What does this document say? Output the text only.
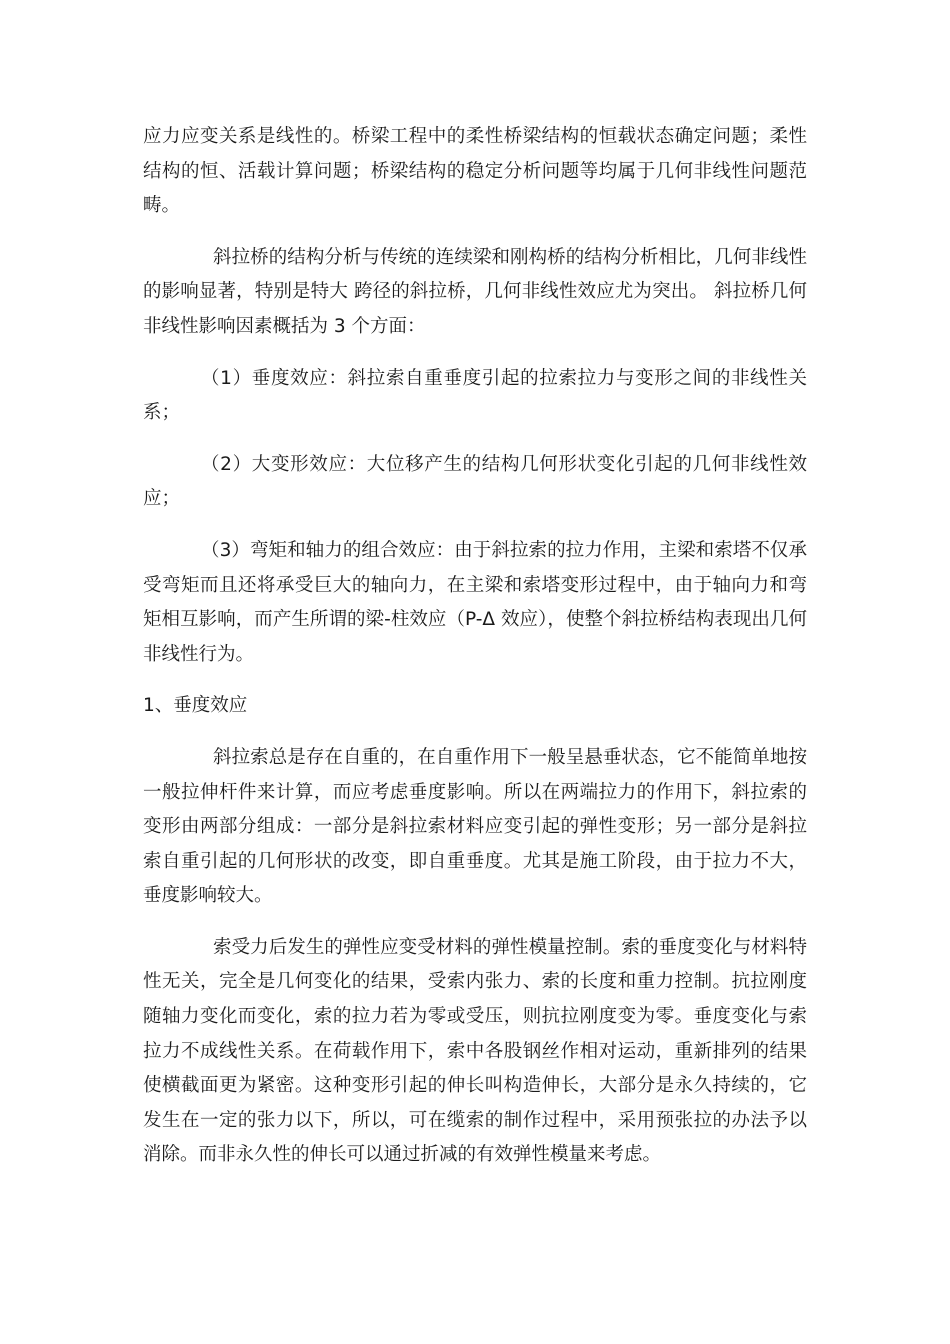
应力应变关系是线性的。桥梁工程中的柔性桥梁结构的恒载状态确定问题；柔性结构的恒、活载计算问题；桥梁结构的稳定分析问题等均属于几何非线性问题范畴。

斜拉桥的结构分析与传统的连续梁和刚构桥的结构分析相比，几何非线性的影响显著，特别是特大 跨径的斜拉桥，几何非线性效应尤为突出。 斜拉桥几何非线性影响因素概括为 3 个方面：

（1）垂度效应：斜拉索自重垂度引起的拉索拉力与变形之间的非线性关系；

（2）大变形效应：大位移产生的结构几何形状变化引起的几何非线性效应；

（3）弯矩和轴力的组合效应：由于斜拉索的拉力作用，主梁和索塔不仅承受弯矩而且还将承受巨大的轴向力，在主梁和索塔变形过程中，由于轴向力和弯矩相互影响，而产生所谓的梁-柱效应（P-Δ 效应），使整个斜拉桥结构表现出几何非线性行为。

1、垂度效应

斜拉索总是存在自重的，在自重作用下一般呈悬垂状态，它不能简单地按一般拉伸杆件来计算，而应考虑垂度影响。所以在两端拉力的作用下，斜拉索的变形由两部分组成：一部分是斜拉索材料应变引起的弹性变形；另一部分是斜拉索自重引起的几何形状的改变，即自重垂度。尤其是施工阶段，由于拉力不大，垂度影响较大。

索受力后发生的弹性应变受材料的弹性模量控制。索的垂度变化与材料特性无关，完全是几何变化的结果，受索内张力、索的长度和重力控制。抗拉刚度随轴力变化而变化，索的拉力若为零或受压，则抗拉刚度变为零。垂度变化与索拉力不成线性关系。在荷载作用下，索中各股钢丝作相对运动，重新排列的结果使横截面更为紧密。这种变形引起的伸长叫构造伸长，大部分是永久持续的，它发生在一定的张力以下，所以，可在缆索的制作过程中，采用预张拉的办法予以消除。而非永久性的伸长可以通过折减的有效弹性模量来考虑。
